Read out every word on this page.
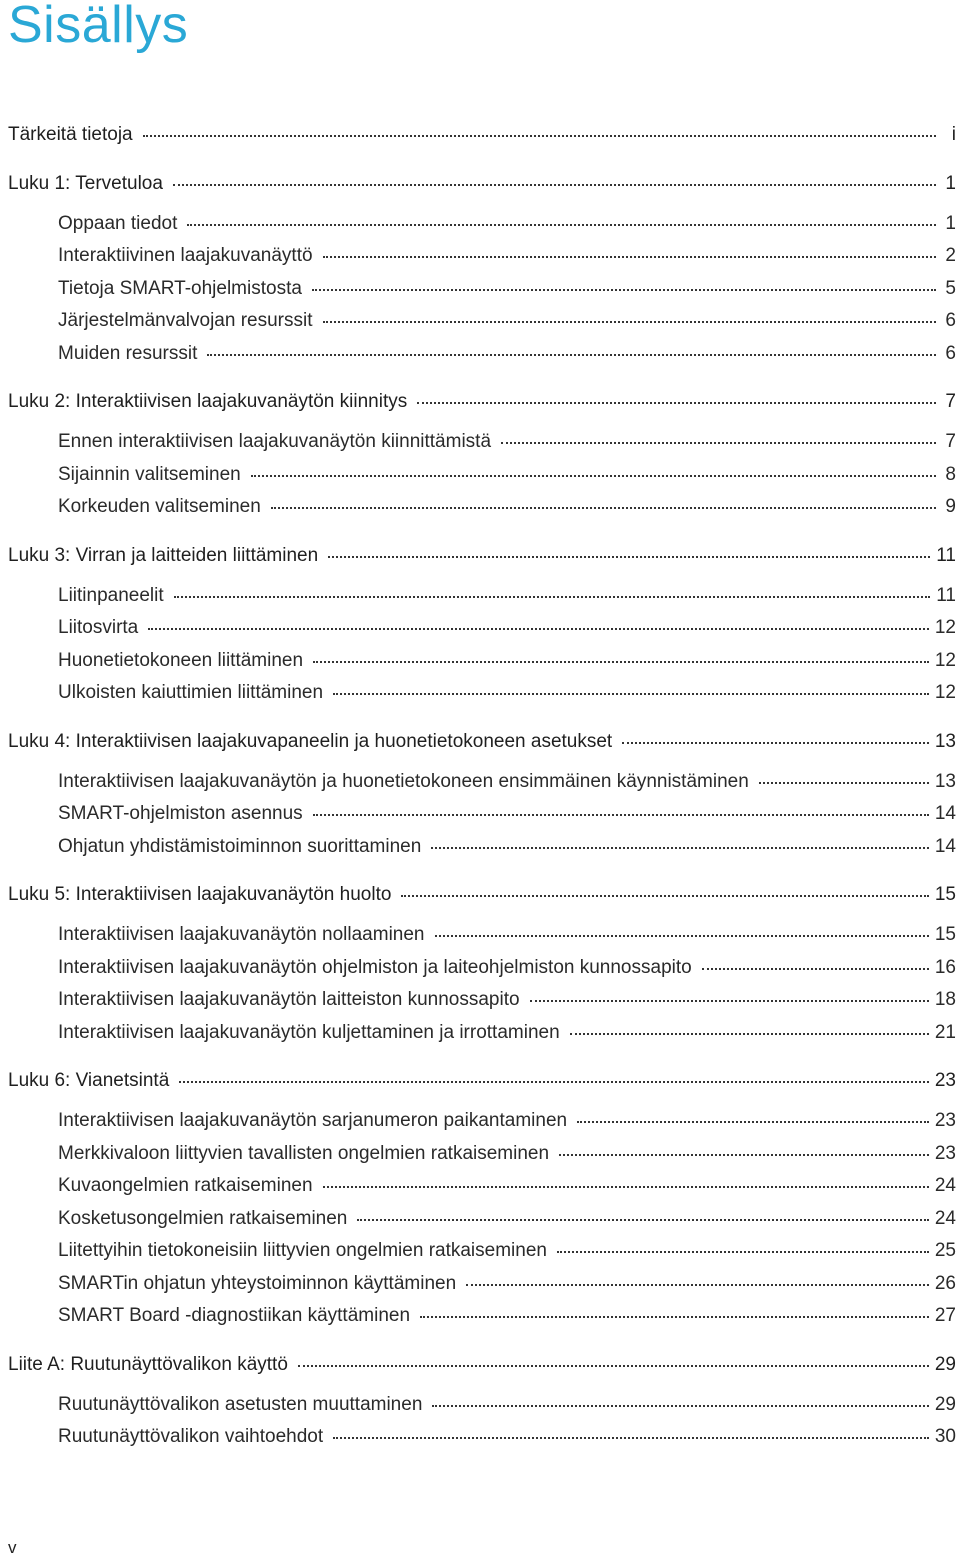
Sisällys
Tärkeitä tietoja	i
Luku 1: Tervetuloa	1
Oppaan tiedot	1
Interaktiivinen laajakuvanäyttö	2
Tietoja SMART-ohjelmistosta	5
Järjestelmänvalvojan resurssit	6
Muiden resurssit	6
Luku 2: Interaktiivisen laajakuvanäytön kiinnitys	7
Ennen interaktiivisen laajakuvanäytön kiinnittämistä	7
Sijainnin valitseminen	8
Korkeuden valitseminen	9
Luku 3: Virran ja laitteiden liittäminen	11
Liitinpaneelit	11
Liitosvirta	12
Huonetietokoneen liittäminen	12
Ulkoisten kaiuttimien liittäminen	12
Luku 4: Interaktiivisen laajakuvapaneelin ja huonetietokoneen asetukset	13
Interaktiivisen laajakuvanäytön ja huonetietokoneen ensimmäinen käynnistäminen	13
SMART-ohjelmiston asennus	14
Ohjatun yhdistämistoiminnon suorittaminen	14
Luku 5: Interaktiivisen laajakuvanäytön huolto	15
Interaktiivisen laajakuvanäytön nollaaminen	15
Interaktiivisen laajakuvanäytön ohjelmiston ja laiteohjelmiston kunnossapito	16
Interaktiivisen laajakuvanäytön laitteiston kunnossapito	18
Interaktiivisen laajakuvanäytön kuljettaminen ja irrottaminen	21
Luku 6: Vianetsintä	23
Interaktiivisen laajakuvanäytön sarjanumeron paikantaminen	23
Merkkivaloon liittyvien tavallisten ongelmien ratkaiseminen	23
Kuvaongelmien ratkaiseminen	24
Kosketusongelmien ratkaiseminen	24
Liitettyihin tietokoneisiin liittyvien ongelmien ratkaiseminen	25
SMARTin ohjatun yhteystoiminnon käyttäminen	26
SMART Board -diagnostiikan käyttäminen	27
Liite A: Ruutunäyttövalikon käyttö	29
Ruutunäyttövalikon asetusten muuttaminen	29
Ruutunäyttövalikon vaihtoehdot	30
v
